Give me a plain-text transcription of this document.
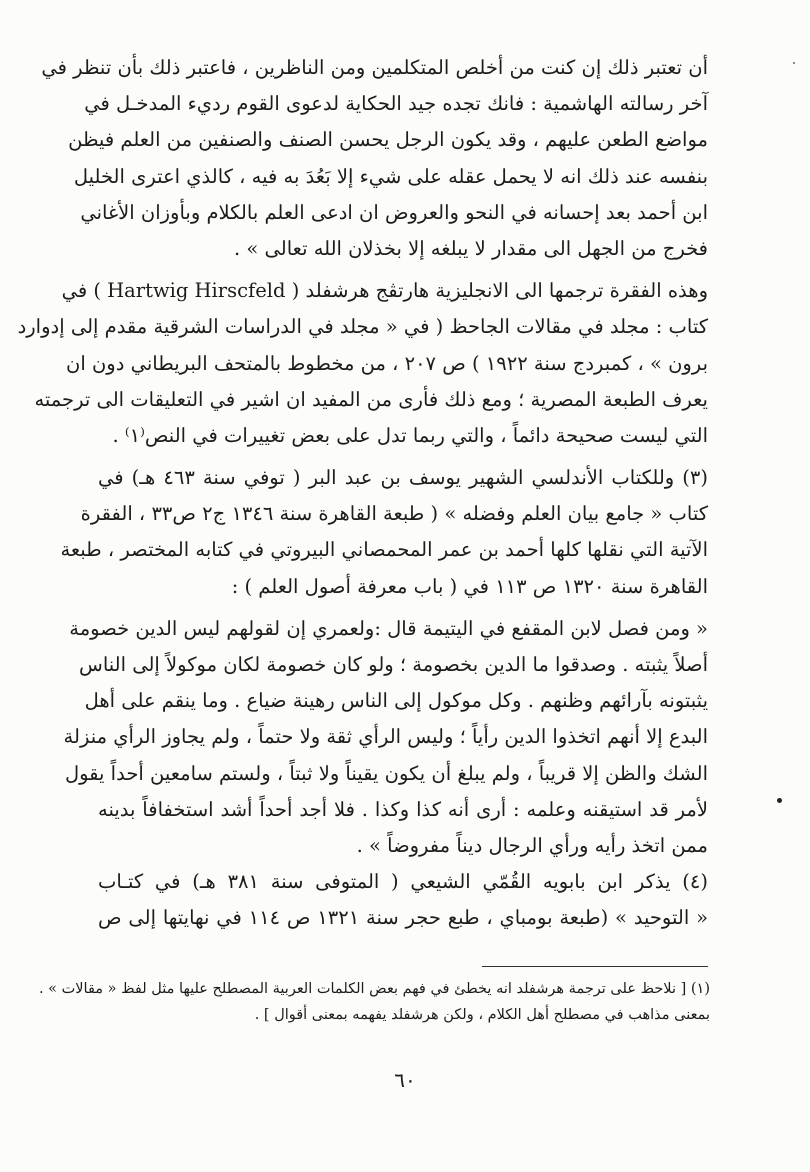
أن تعتبر ذلك إن كنت من أخلص المتكلمين ومن الناظرين ، فاعتبر ذلك بأن تنظر في
آخر رسالته الهاشمية : فانك تجده جيد الحكاية لدعوى القوم رديء المدخـل في
مواضع الطعن عليهم ، وقد يكون الرجل يحسن الصنف والصنفين من العلم فيظن
بنفسه عند ذلك انه لا يحمل عقله على شيء إلا بَعُدَ به فيه ، كالذي اعترى الخليل
ابن أحمد بعد إحسانه في النحو والعروض ان ادعى العلم بالكلام وبأوزان الأغاني
فخرج من الجهل الى مقدار لا يبلغه إلا بخذلان الله تعالى » .
وهذه الفقرة ترجمها الى الانجليزية هارتڤج هرشفلد ( Hartwig Hirscfeld ) في
كتاب : مجلد في مقالات الجاحظ ( في « مجلد في الدراسات الشرقية مقدم إلى إدوارد
برون » ، كمبردج سنة ١٩٢٢ ) ص ٢٠٧ ، من مخطوط بالمتحف البريطاني دون ان
يعرف الطبعة المصرية ؛ ومع ذلك فأرى من المفيد ان اشير في التعليقات الى ترجمته
التي ليست صحيحة دائماً ، والتي ربما تدل على بعض تغييرات في النص⁽١⁾ .
(٣) وللكتاب الأندلسي الشهير يوسف بن عبد البر ( توفي سنة ٤٦٣ هـ) في
كتاب « جامع بيان العلم وفضله » ( طبعة القاهرة سنة ١٣٤٦ ج٢ ص٣٣ ، الفقرة
الآتية التي نقلها كلها أحمد بن عمر المحمصاني البيروتي في كتابه المختصر ، طبعة
القاهرة سنة ١٣٢٠ ص ١١٣ في ( باب معرفة أصول العلم ) :
« ومن فصل لابن المقفع في اليتيمة قال :ولعمري إن لقولهم ليس الدين خصومة
أصلاً يثبته . وصدقوا ما الدين بخصومة ؛ ولو كان خصومة لكان موكولاً إلى الناس
يثبتونه بآرائهم وظنهم . وكل موكول إلى الناس رهينة ضياع . وما ينقم على أهل
البدع إلا أنهم اتخذوا الدين رأياً ؛ وليس الرأي ثقة ولا حتماً ، ولم يجاوز الرأي منزلة
الشك والظن إلا قريباً ، ولم يبلغ أن يكون يقيناً ولا ثبتاً ، ولستم سامعين أحداً يقول
لأمر قد استيقنه وعلمه : أرى أنه كذا وكذا . فلا أجد أحداً أشد استخفافاً بدينه
ممن اتخذ رأيه ورأي الرجال ديناً مفروضاً » .
(٤) يذكر ابن بابويه القُمّي الشيعي ( المتوفى سنة ٣٨١ هـ) في كتـاب
« التوحيد » (طبعة بومباي ، طبع حجر سنة ١٣٢١ ص ١١٤ في نهايتها إلى ص
(١) [ نلاحظ على ترجمة هرشفلد انه يخطئ في فهم بعض الكلمات العربية المصطلح عليها مثل لفظ « مقالات » .
بمعنى مذاهب في مصطلح أهل الكلام ، ولكن هرشفلد يفهمه بمعنى أقوال ] .
٦٠
